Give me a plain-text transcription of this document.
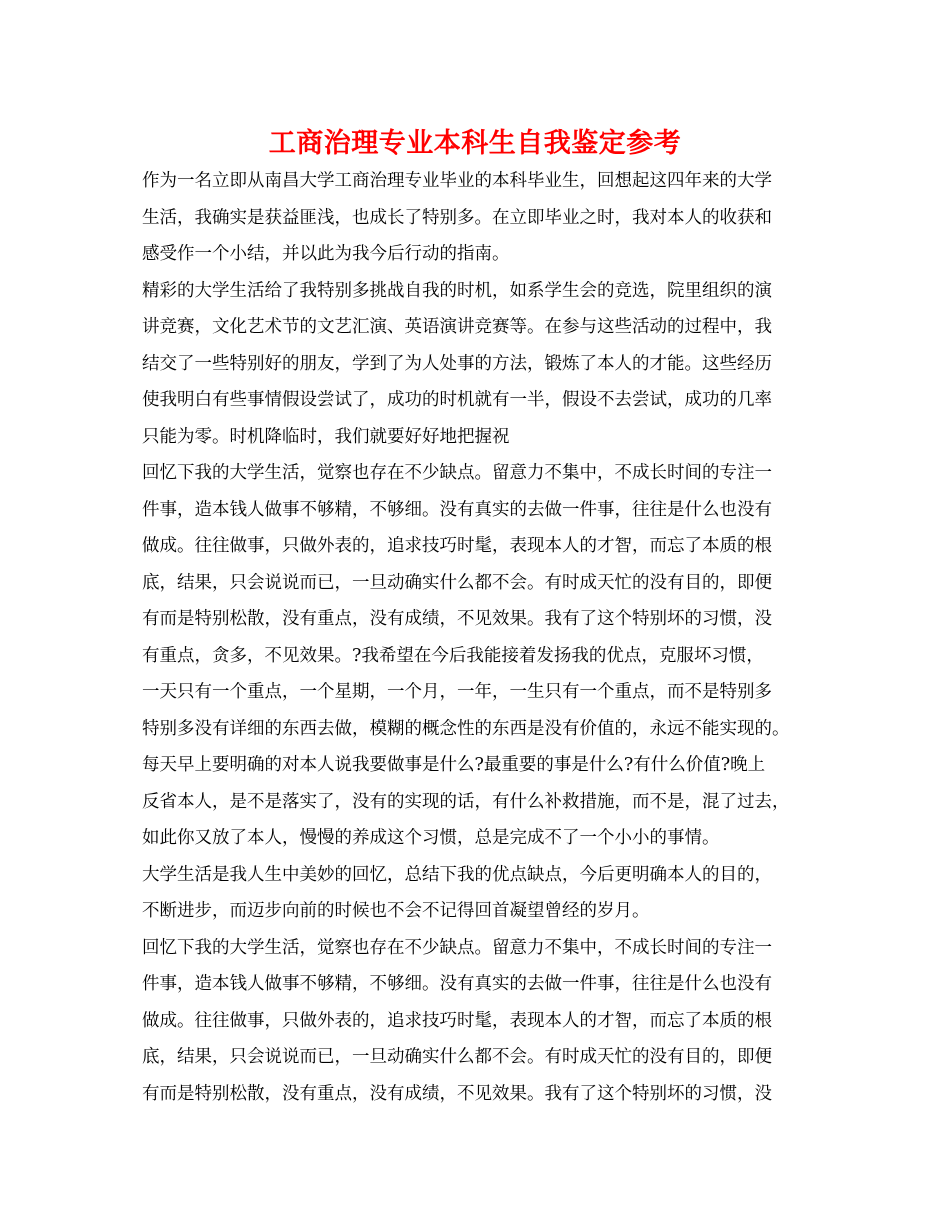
工商治理专业本科生自我鉴定参考
作为一名立即从南昌大学工商治理专业毕业的本科毕业生，回想起这四年来的大学
生活，我确实是获益匪浅，也成长了特别多。在立即毕业之时，我对本人的收获和
感受作一个小结，并以此为我今后行动的指南。
精彩的大学生活给了我特别多挑战自我的时机，如系学生会的竞选，院里组织的演
讲竞赛，文化艺术节的文艺汇演、英语演讲竞赛等。在参与这些活动的过程中，我
结交了一些特别好的朋友，学到了为人处事的方法，锻炼了本人的才能。这些经历
使我明白有些事情假设尝试了，成功的时机就有一半，假设不去尝试，成功的几率
只能为零。时机降临时，我们就要好好地把握祝
回忆下我的大学生活，觉察也存在不少缺点。留意力不集中，不成长时间的专注一
件事，造本钱人做事不够精，不够细。没有真实的去做一件事，往往是什么也没有
做成。往往做事，只做外表的，追求技巧时髦，表现本人的才智，而忘了本质的根
底，结果，只会说说而已，一旦动确实什么都不会。有时成天忙的没有目的，即便
有而是特别松散，没有重点，没有成绩，不见效果。我有了这个特别坏的习惯，没
有重点，贪多，不见效果。?我希望在今后我能接着发扬我的优点，克服坏习惯，
一天只有一个重点，一个星期，一个月，一年，一生只有一个重点，而不是特别多
特别多没有详细的东西去做，模糊的概念性的东西是没有价值的，永远不能实现的。
每天早上要明确的对本人说我要做事是什么?最重要的事是什么?有什么价值?晚上
反省本人，是不是落实了，没有的实现的话，有什么补救措施，而不是，混了过去，
如此你又放了本人，慢慢的养成这个习惯，总是完成不了一个小小的事情。
大学生活是我人生中美妙的回忆，总结下我的优点缺点，今后更明确本人的目的，
不断进步，而迈步向前的时候也不会不记得回首凝望曾经的岁月。
回忆下我的大学生活，觉察也存在不少缺点。留意力不集中，不成长时间的专注一
件事，造本钱人做事不够精，不够细。没有真实的去做一件事，往往是什么也没有
做成。往往做事，只做外表的，追求技巧时髦，表现本人的才智，而忘了本质的根
底，结果，只会说说而已，一旦动确实什么都不会。有时成天忙的没有目的，即便
有而是特别松散，没有重点，没有成绩，不见效果。我有了这个特别坏的习惯，没
